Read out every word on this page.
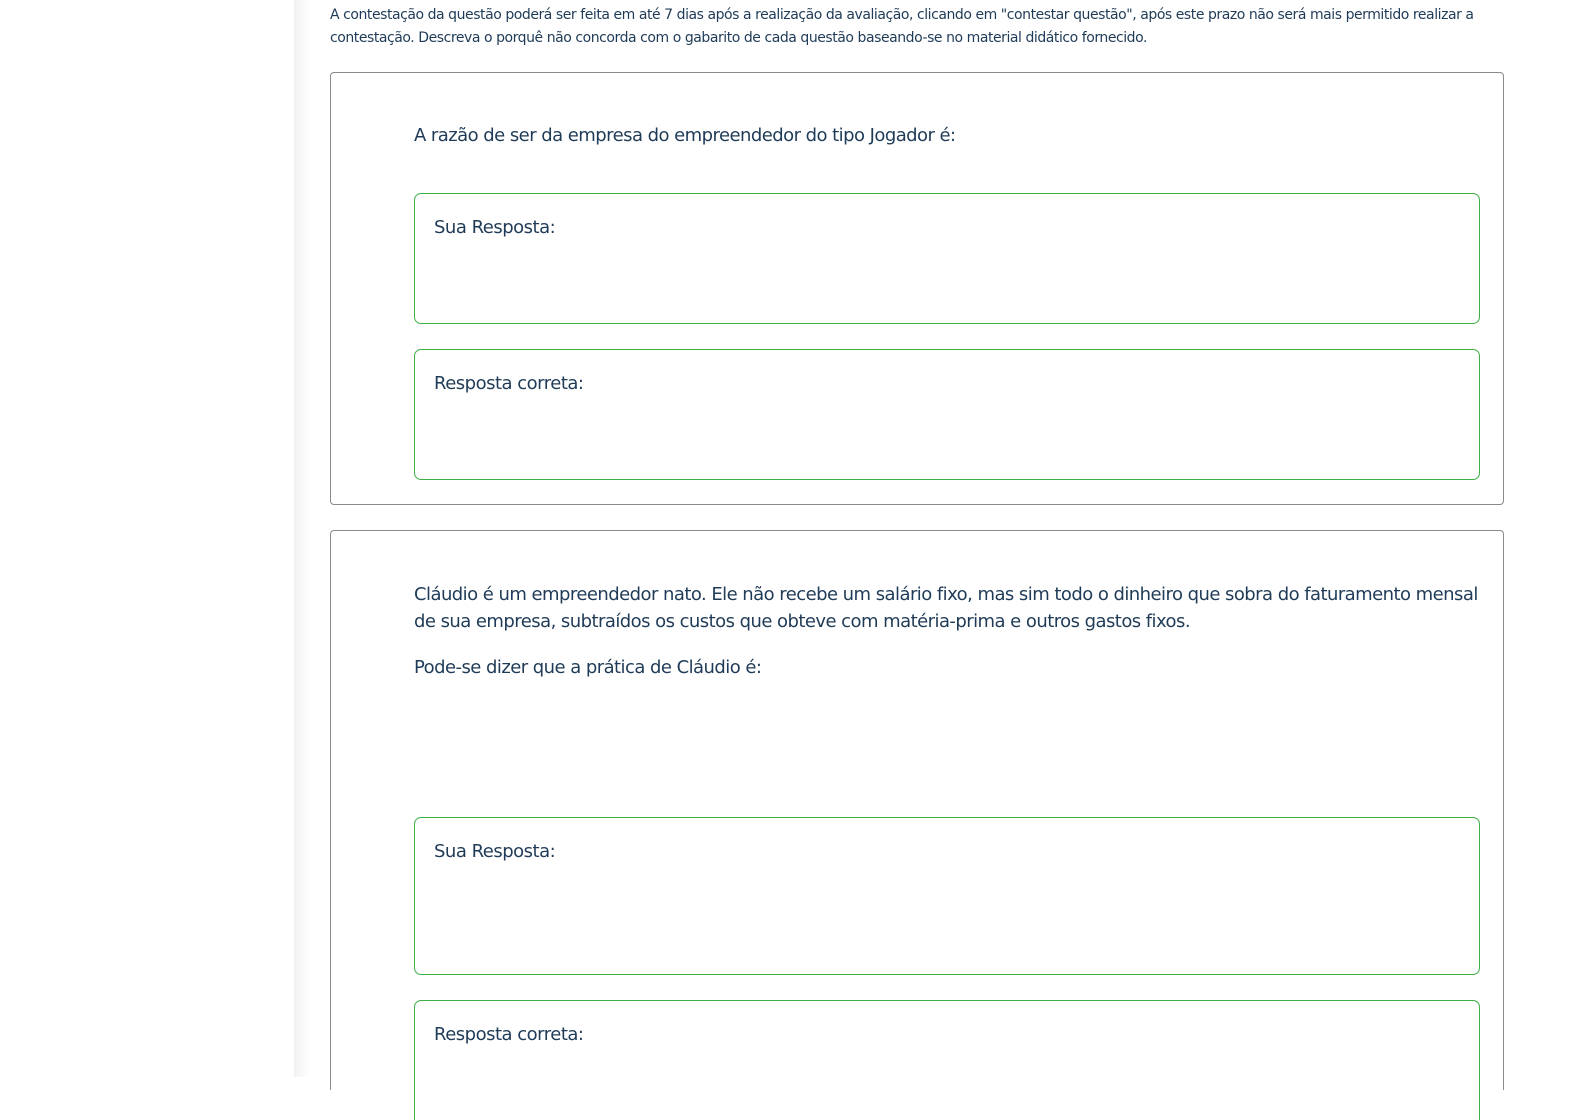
A contestação da questão poderá ser feita em até 7 dias após a realização da avaliação, clicando em "contestar questão", após este prazo não será mais permitido realizar a contestação. Descreva o porquê não concorda com o gabarito de cada questão baseando-se no material didático fornecido.

A razão de ser da empresa do empreendedor do tipo Jogador é:

Sua Resposta:
Resposta correta:

Cláudio é um empreendedor nato. Ele não recebe um salário fixo, mas sim todo o dinheiro que sobra do faturamento mensal de sua empresa, subtraídos os custos que obteve com matéria-prima e outros gastos fixos.

Pode-se dizer que a prática de Cláudio é:

Sua Resposta:
Resposta correta:
